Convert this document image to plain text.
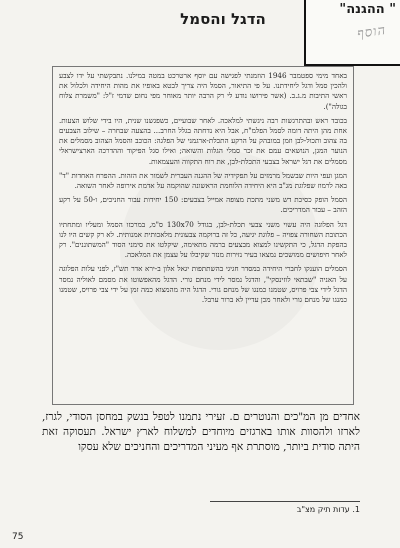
" ההגנה"
הוסף
הדגל והסמל

באחד מימי ספטמבר 1946 הוזמנתי לפגישה עם יוסף ארטרכט במטה במילנו. נתבקשתי על ידו לצבע ולהכין סמל ודגל ליחידתנו. על פי התיאור, הסמל היה צריך לבטא באופיו את מהות היחידה ולכלול את ראשי התיבות מ.ג.ב. (אשר פירושו נודע לי רק הרבה יותר מאוחר מפי נחום שדמי ז"ל: "משמרת צלוח בגולה").

בכובד ראש ובהתרגשות רבה ניגשתי למלאכה. לאחר שבועיים, כשפגשנו שנית, היו בידי שלוש הצעות. אחת מהן היתה דומה לסמל הפלמ"ח, אבל היא נדחתה בגלל החרב... בהצעה שבחרה – שילוב הצבעים בה צהוב ותכול-לבן וזמן במובהק על הרקע התכלת-ארגמני של הפלגה: הכוכב והסמל הצהוב מסמלים את הנוער המגן, הנושאים עמם את זכר סמלי הגלות והשואה; ואילו סגל הפיקוד וההדרכה הארצישראלי מסמלים את דגל ישראל בצבעי התכלת-לבן, את רוח התקווה והעצמאות.

המגן ועפי היות שבשמל מרמזים על תפקידיה של ההגנה העברית לשמור את הזהות. ההפרח האחדות "ד" באה לרמוז שפלוגת מג"ב היא היחידה הלוחמת הראשונה שהוקמה על אדמת אירופה לאחר השואה.

הסמל הופק כסיכת דש משני מתכת מצופה אמייל בצבעים: 150 יחידות עבור החניכים, ו-50 על רקע הזהב – עבור המדריכים.

דגל הפלוגה היה עשוי משני צבעי תכלת-לבן, בגודל 130x70 ס"מ, במרכזו הסמל ומעליו ומתחתיו הכתובת השחורה צפויה – פלוגת יגיעה, כל זה ברוקמה צבעונית מלאכותית אמנותית. לא רק קשים היו לנו בהפקת הדגל, כי התקשינו למצוא מבצעים ברמה מתאימה, שיקלטו את סימני הסוד "המשתוננים". רק לאחר חיפושים ממושכים נמצאו בעיר נזירות מנזר שקיבלו על עצמן את המלאכה.

הסמלים הוענקו לחברי היחידה במסדר חגיגי בהשתתפות יגאל אלון ב-ירא אדר תש"ז, לפני עלות הפלוגה על האניה "שבתאי לוזינסקי", והדגל נמסר לידי מנחם גורי. הדגל מהאפשוטו את מסמם לאוליה נמסר הדגל לידי צבי פרויס, שטמנו כמנגו של מנחם גורי. הדגל היה מהמצוא כמה זמן על ידי צבי פרויס, שטמנו כמנגו של מנחם גורי ולאחר מכן עדיין לא ברור ערבל.

אחדים מן המ"כים והנוטרים ם. זעירי נתמנו לטפל בנשק במחסן הסודי, לגרז, לארזו ולהסוות אותו בארגזים מיוחדים למשלוח לארץ ישראל. תעסוקה זאת היתה סודית ביותר, מוסתרת אף מעיני המדריכים והחניכים שלא עסקו
1. עדות תיק מצ"ב
75
